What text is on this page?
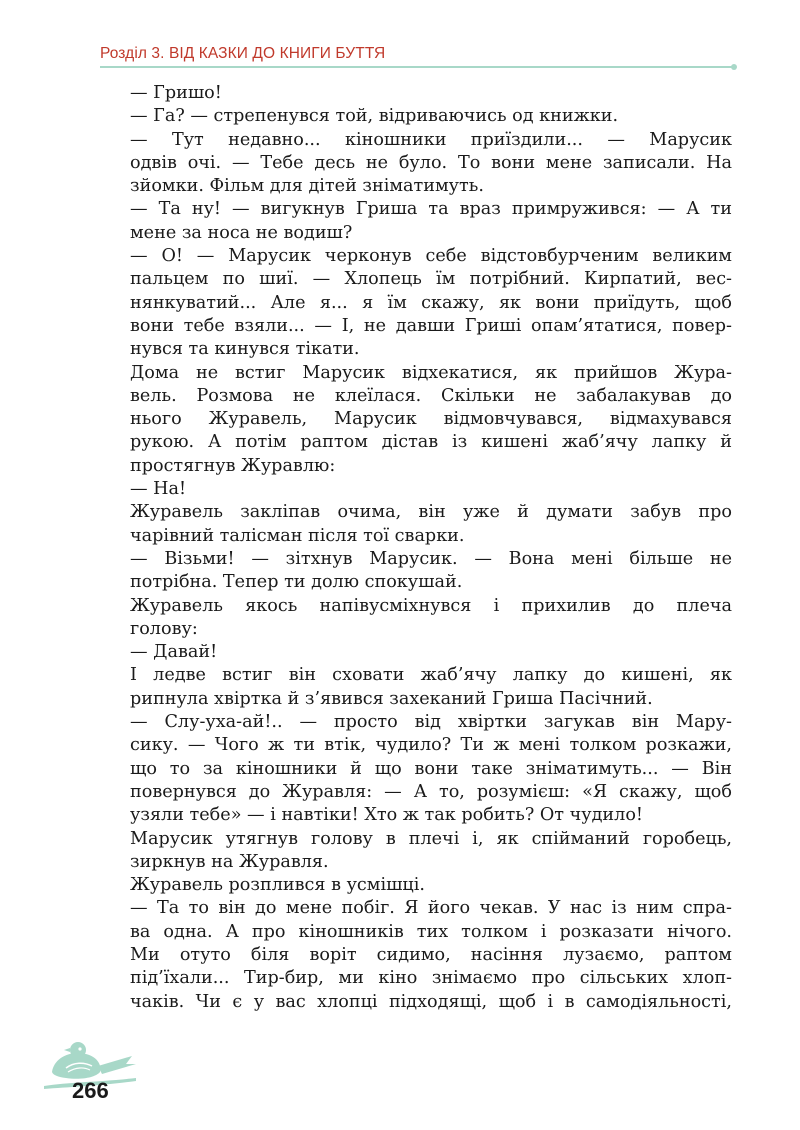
Розділ 3. ВІД КАЗКИ ДО КНИГИ БУТТЯ
— Гришо!
— Га? — стрепенувся той, відриваючись од книжки.
— Тут недавно... кіношники приїздили... — Марусик
одвів очі. — Тебе десь не було. То вони мене записали. На
зйомки. Фільм для дітей зніматимуть.
— Та ну! — вигукнув Гриша та враз примружився: — А ти
мене за носа не водиш?
— О! — Марусик черконув себе відстовбурченим великим
пальцем по шиї. — Хлопець їм потрібний. Кирпатий, вес-
нянкуватий... Але я... я їм скажу, як вони приїдуть, щоб
вони тебе взяли... — І, не давши Гриші опам’ятатися, повер-
нувся та кинувся тікати.
Дома не встиг Марусик відхекатися, як прийшов Жура-
вель. Розмова не клеїлася. Скільки не забалакував до
нього Журавель, Марусик відмовчувався, відмахувався
рукою. А потім раптом дістав із кишені жаб’ячу лапку й
простягнув Журавлю:
— На!
Журавель закліпав очима, він уже й думати забув про
чарівний талісман після тої сварки.
— Візьми! — зітхнув Марусик. — Вона мені більше не
потрібна. Тепер ти долю спокушай.
Журавель якось напівусміхнувся і прихилив до плеча
голову:
— Давай!
І ледве встиг він сховати жаб’ячу лапку до кишені, як
рипнула хвіртка й з’явився захеканий Гриша Пасічний.
— Слу-уха-ай!.. — просто від хвіртки загукав він Мару-
сику. — Чого ж ти втік, чудило? Ти ж мені толком розкажи,
що то за кіношники й що вони таке зніматимуть... — Він
повернувся до Журавля: — А то, розумієш: «Я скажу, щоб
узяли тебе» — і навтіки! Хто ж так робить? От чудило!
Марусик утягнув голову в плечі і, як спійманий горобець,
зиркнув на Журавля.
Журавель розплився в усмішці.
— Та то він до мене побіг. Я його чекав. У нас із ним спра-
ва одна. А про кіношників тих толком і розказати нічого.
Ми отуто біля воріт сидимо, насіння лузаємо, раптом
під’їхали... Тир-бир, ми кіно знімаємо про сільських хлоп-
чаків. Чи є у вас хлопці підходящі, щоб і в самодіяльності,
266
